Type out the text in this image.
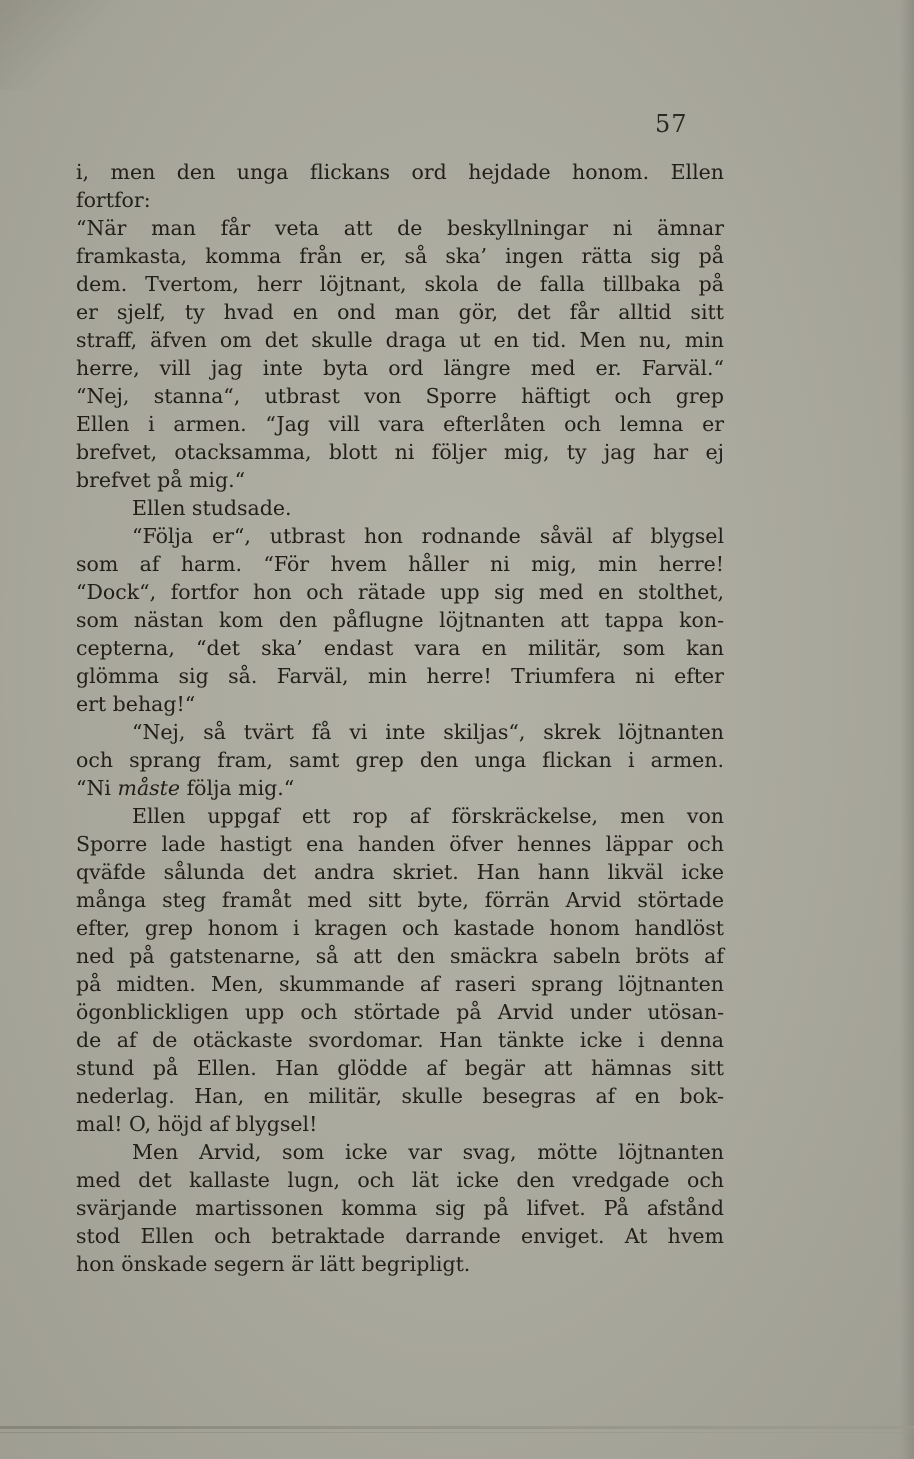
57
i, men den unga flickans ord hejdade honom. Ellen
fortfor:
“När man får veta att de beskyllningar ni ämnar
framkasta, komma från er, så ska’ ingen rätta sig på
dem. Tvertom, herr löjtnant, skola de falla tillbaka på
er sjelf, ty hvad en ond man gör, det får alltid sitt
straff, äfven om det skulle draga ut en tid. Men nu, min
herre, vill jag inte byta ord längre med er. Farväl.“
“Nej, stanna“, utbrast von Sporre häftigt och grep
Ellen i armen. “Jag vill vara efterlåten och lemna er
brefvet, otacksamma, blott ni följer mig, ty jag har ej
brefvet på mig.“
Ellen studsade.
“Följa er“, utbrast hon rodnande såväl af blygsel
som af harm. “För hvem håller ni mig, min herre!
“Dock“, fortfor hon och rätade upp sig med en stolthet,
som nästan kom den påflugne löjtnanten att tappa kon-
cepterna, “det ska’ endast vara en militär, som kan
glömma sig så. Farväl, min herre! Triumfera ni efter
ert behag!“
“Nej, så tvärt få vi inte skiljas“, skrek löjtnanten
och sprang fram, samt grep den unga flickan i armen.
“Ni måste följa mig.“
Ellen uppgaf ett rop af förskräckelse, men von
Sporre lade hastigt ena handen öfver hennes läppar och
qväfde sålunda det andra skriet. Han hann likväl icke
många steg framåt med sitt byte, förrän Arvid störtade
efter, grep honom i kragen och kastade honom handlöst
ned på gatstenarne, så att den smäckra sabeln bröts af
på midten. Men, skummande af raseri sprang löjtnanten
ögonblickligen upp och störtade på Arvid under utösan-
de af de otäckaste svordomar. Han tänkte icke i denna
stund på Ellen. Han glödde af begär att hämnas sitt
nederlag. Han, en militär, skulle besegras af en bok-
mal! O, höjd af blygsel!
Men Arvid, som icke var svag, mötte löjtnanten
med det kallaste lugn, och lät icke den vredgade och
svärjande martissonen komma sig på lifvet. På afstånd
stod Ellen och betraktade darrande enviget. At hvem
hon önskade segern är lätt begripligt.
